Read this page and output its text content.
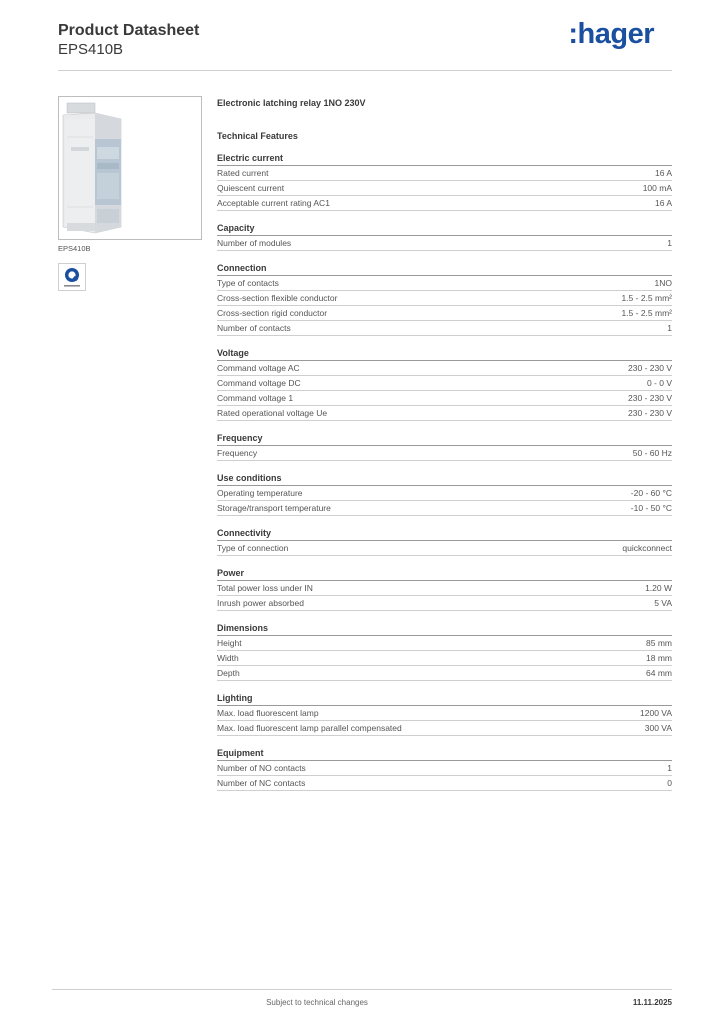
Product Datasheet
EPS410B	:hager
EPS410B
Electronic latching relay 1NO 230V
Technical Features
Electric current
Rated current	16 A
Quiescent current	100 mA
Acceptable current rating AC1	16 A
Capacity
Number of modules	1
Connection
Type of contacts	1NO
Cross-section flexible conductor	1.5 - 2.5 mm²
Cross-section rigid conductor	1.5 - 2.5 mm²
Number of contacts	1
Voltage
Command voltage AC	230 - 230 V
Command voltage DC	0 - 0 V
Command voltage 1	230 - 230 V
Rated operational voltage Ue	230 - 230 V
Frequency
Frequency	50 - 60 Hz
Use conditions
Operating temperature	-20 - 60 °C
Storage/transport temperature	-10 - 50 °C
Connectivity
Type of connection	quickconnect
Power
Total power loss under IN	1.20 W
Inrush power absorbed	5 VA
Dimensions
Height	85 mm
Width	18 mm
Depth	64 mm
Lighting
Max. load fluorescent lamp	1200 VA
Max. load fluorescent lamp parallel compensated	300 VA
Equipment
Number of NO contacts	1
Number of NC contacts	0
Subject to technical changes	11.11.2025
